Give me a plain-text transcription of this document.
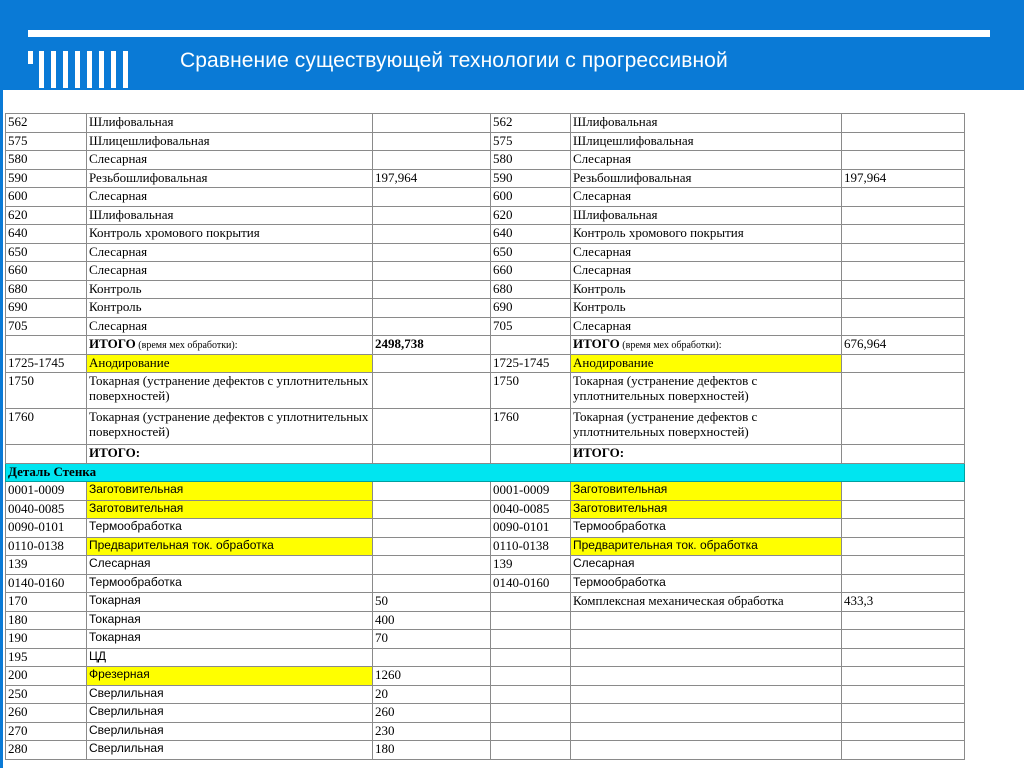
Сравнение существующей технологии с прогрессивной
562	Шлифовальная		562	Шлифовальная	
575	Шлицешлифовальная		575	Шлицешлифовальная	
580	Слесарная		580	Слесарная	
590	Резьбошлифовальная	197,964	590	Резьбошлифовальная	197,964
600	Слесарная		600	Слесарная	
620	Шлифовальная		620	Шлифовальная	
640	Контроль хромового покрытия		640	Контроль хромового покрытия	
650	Слесарная		650	Слесарная	
660	Слесарная		660	Слесарная	
680	Контроль		680	Контроль	
690	Контроль		690	Контроль	
705	Слесарная		705	Слесарная	
	ИТОГО (время мех обработки):	2498,738		ИТОГО (время мех обработки):	676,964
1725-1745	Анодирование		1725-1745	Анодирование	
1750	Токарная (устранение дефектов с уплотнительных поверхностей)		1750	Токарная (устранение дефектов с уплотнительных поверхностей)	
1760	Токарная (устранение дефектов с уплотнительных поверхностей)		1760	Токарная (устранение дефектов с уплотнительных поверхностей)	
	ИТОГО:			ИТОГО:	
Деталь Стенка					
0001-0009	Заготовительная		0001-0009	Заготовительная	
0040-0085	Заготовительная		0040-0085	Заготовительная	
0090-0101	Термообработка		0090-0101	Термообработка	
0110-0138	Предварительная ток. обработка		0110-0138	Предварительная ток. обработка	
139	Слесарная		139	Слесарная	
0140-0160	Термообработка		0140-0160	Термообработка	
170	Токарная	50		Комплексная механическая обработка	433,3
180	Токарная	400			
190	Токарная	70			
195	ЦД				
200	Фрезерная	1260			
250	Сверлильная	20			
260	Сверлильная	260			
270	Сверлильная	230			
280	Сверлильная	180			
